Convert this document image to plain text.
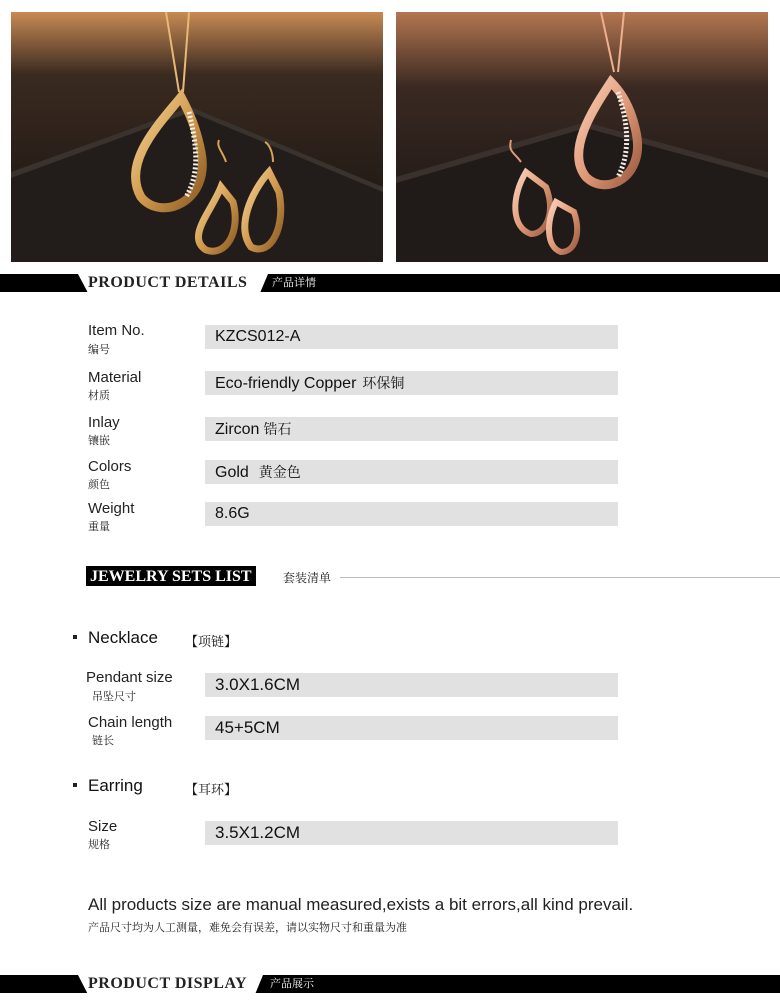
PRODUCT DETAILS 产品详情
Item No.
编号
KZCS012-A
Material
材质
Eco-friendly Copper 环保铜
Inlay
镶嵌
Zircon 锆石
Colors
颜色
Gold 黄金色
Weight
重量
8.6G
JEWELRY SETS LIST	套装清单
Necklace 【项链】
Pendant size
吊坠尺寸
3.0X1.6CM
Chain length
链长
45+5CM
Earring	【耳环】
Size
规格
3.5X1.2CM
All products size are manual measured,exists a bit errors,all kind prevail.
产品尺寸均为人工测量，难免会有误差，请以实物尺寸和重量为准
PRODUCT DISPLAY 产品展示
